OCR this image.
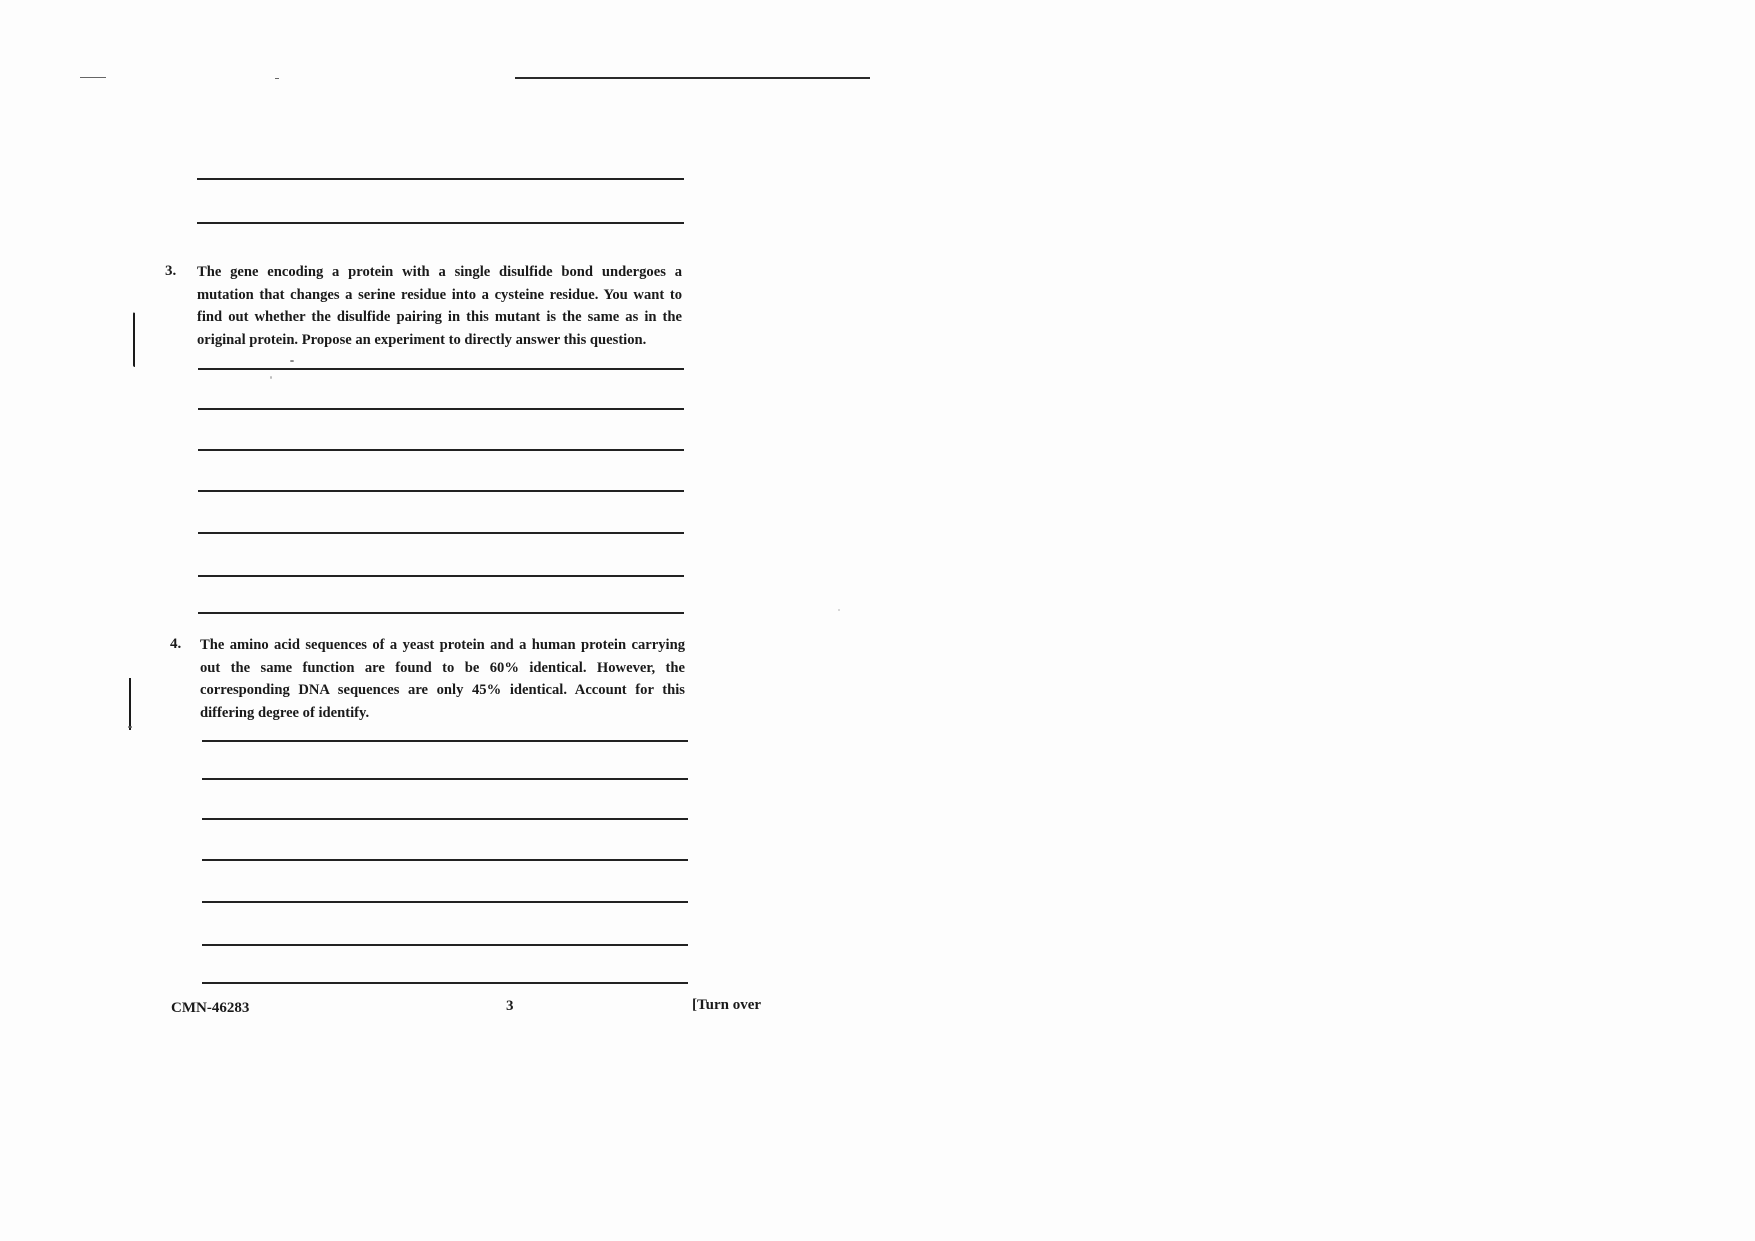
3. The gene encoding a protein with a single disulfide bond undergoes a mutation that changes a serine residue into a cysteine residue. You want to find out whether the disulfide pairing in this mutant is the same as in the original protein. Propose an experiment to directly answer this question.
4. The amino acid sequences of a yeast protein and a human protein carrying out the same function are found to be 60% identical. However, the corresponding DNA sequences are only 45% identical. Account for this differing degree of identify.
CMN-46283	3	[Turn over
